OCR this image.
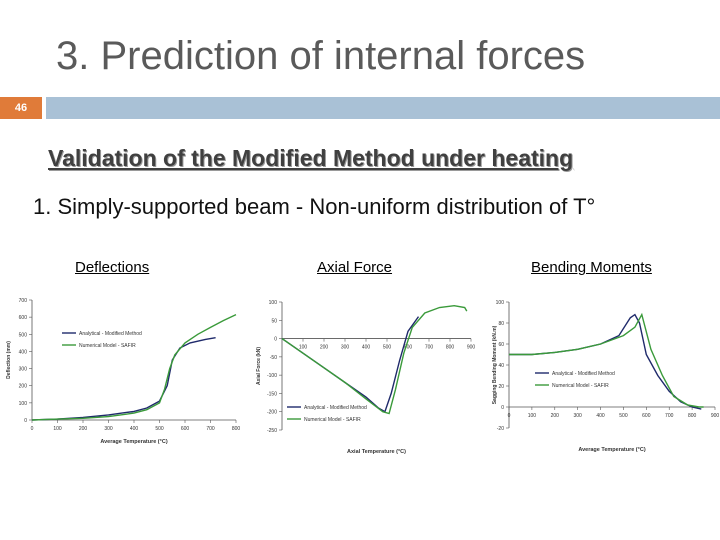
3. Prediction of internal forces
46
Validation of the Modified Method under heating
1. Simply-supported beam - Non-uniform distribution of T°
Deflections	Axial Force	Bending Moments
0
100
200
300
400
500
600
700
0	100	200	300	400	500	600	700	800
Average Temperature (°C)
Deflection (mm)
Analytical - Modified Method
Numerical Model - SAFIR
100
50
0
-50
-100
-150
-200
-250
100	200	300	400	500	600	700	800	900
Axial Temperature (°C)
Axial Force (kN)
Analytical - Modified Method
Numerical Model - SAFIR
100
80
60
40
20
0
-20
0	100	200	300	400	500	600	700	800	900
Average Temperature (°C)
Sagging Bending Moment (kN.m)	Analytical - Modified Method
Numerical Model - SAFIR
